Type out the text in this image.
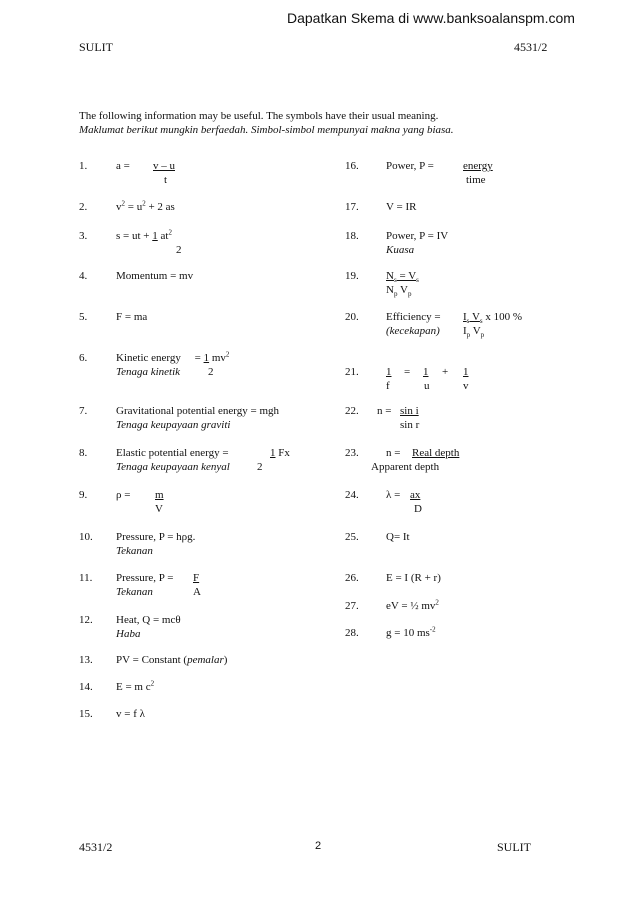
Dapatkan Skema di www.banksoalanspm.com
SULIT	4531/2
The following information may be useful. The symbols have their usual meaning.
Maklumat berikut mungkin berfaedah. Simbol-simbol mempunyai makna yang biasa.
1.	a = v – u
t
2.	$v^2 = u^2 + 2$ as
3.	s = ut + 1 $at^2$
2
4.	Momentum = mv
5.	F = ma
6.	Kinetic energy = 1 $mv^2$
Tenaga kinetik	2
7.	Gravitational potential energy = mgh
Tenaga keupayaan graviti
8.	Elastic potential energy =	1 Fx
Tenaga keupayaan kenyal 2
9.	ρ = m
V
10. Pressure, P = hρg.
Tekanan
11. Pressure, P = F
Tekanan	A
12. Heat, Q = mcθ
Haba
13. PV = Constant (pemalar)
14. E = m $c^2$
15. v = f λ
16. Power, P =	energy
time
17. V = IR
18. Power, P = IV
Kuasa
19. $N_s = V_s$
$N_p$ $V_p$
20. Efficiency =
(kecekapan)
$I_s$ $V_s$ x 100 %
$I_p$ $V_p$
21. 1 = 1 + 1
f	u	v
22. n = sin i
sin r
23. n = Real depth
Apparent depth
24. λ = ax
D
25. Q= It
26. E = I (R + r)
27. eV = ½ $mv^2$
28. g = 10 $ms^{-2}$
4531/2	2	SULIT
